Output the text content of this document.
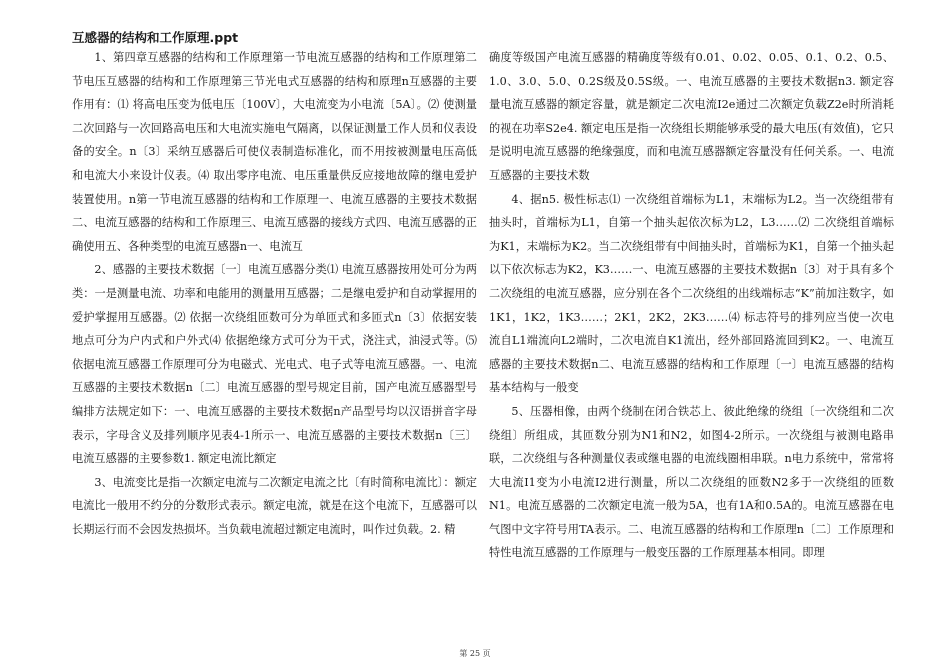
互感器的结构和工作原理.ppt

1、第四章互感器的结构和工作原理第一节电流互感器的结构和工作原理第二节电压互感器的结构和工作原理第三节光电式互感器的结构和原理n互感器的主要作用有：⑴ 将高电压变为低电压〔100V〕，大电流变为小电流〔5A〕。⑵ 使测量二次回路与一次回路高电压和大电流实施电气隔离，以保证测量工作人员和仪表设备的安全。n〔3〕采纳互感器后可使仪表制造标准化，而不用按被测量电压高低和电流大小来设计仪表。⑷ 取出零序电流、电压重量供反应接地故障的继电爱护装置使用。n第一节电流互感器的结构和工作原理一、电流互感器的主要技术数据二、电流互感器的结构和工作原理三、电流互感器的接线方式四、电流互感器的正确使用五、各种类型的电流互感器n一、电流互

2、感器的主要技术数据〔一〕电流互感器分类⑴ 电流互感器按用处可分为两类：一是测量电流、功率和电能用的测量用互感器；二是继电爱护和自动掌握用的爱护掌握用互感器。⑵ 依据一次绕组匝数可分为单匝式和多匝式n〔3〕依据安装地点可分为户内式和户外式⑷ 依据绝缘方式可分为干式，浇注式，油浸式等。⑸ 依据电流互感器工作原理可分为电磁式、光电式、电子式等电流互感器。一、电流互感器的主要技术数据n〔二〕电流互感器的型号规定目前，国产电流互感器型号编排方法规定如下：一、电流互感器的主要技术数据n产品型号均以汉语拼音字母表示，字母含义及排列顺序见表4-1所示一、电流互感器的主要技术数据n〔三〕电流互感器的主要参数1. 额定电流比额定

3、电流变比是指一次额定电流与二次额定电流之比〔有时简称电流比〕：额定电流比一般用不约分的分数形式表示。额定电流，就是在这个电流下，互感器可以长期运行而不会因发热损坏。当负载电流超过额定电流时，叫作过负载。2. 精

确度等级国产电流互感器的精确度等级有0.01、0.02、0.05、0.1、0.2、0.5、1.0、3.0、5.0、0.2S级及0.5S级。一、电流互感器的主要技术数据n3. 额定容量电流互感器的额定容量，就是额定二次电流I2e通过二次额定负载Z2e时所消耗的视在功率S2e4. 额定电压是指一次绕组长期能够承受的最大电压(有效值)，它只是说明电流互感器的绝缘强度，而和电流互感器额定容量没有任何关系。一、电流互感器的主要技术数

4、据n5. 极性标志⑴ 一次绕组首端标为L1，末端标为L2。当一次绕组带有抽头时，首端标为L1，自第一个抽头起依次标为L2，L3……⑵ 二次绕组首端标为K1，末端标为K2。当二次绕组带有中间抽头时，首端标为K1，自第一个抽头起以下依次标志为K2，K3……一、电流互感器的主要技术数据n〔3〕对于具有多个二次绕组的电流互感器，应分别在各个二次绕组的出线端标志“K”前加注数字，如1K1，1K2，1K3……；2K1，2K2，2K3……⑷ 标志符号的排列应当使一次电流自L1端流向L2端时，二次电流自K1流出，经外部回路流回到K2。一、电流互感器的主要技术数据n二、电流互感器的结构和工作原理〔一〕电流互感器的结构基本结构与一般变

5、压器相像，由两个绕制在闭合铁芯上、彼此绝缘的绕组〔一次绕组和二次绕组〕所组成，其匝数分别为N1和N2，如图4-2所示。一次绕组与被测电路串联，二次绕组与各种测量仪表或继电器的电流线圈相串联。n电力系统中，常常将大电流I1变为小电流I2进行测量，所以二次绕组的匝数N2多于一次绕组的匝数N1。电流互感器的二次额定电流一般为5A，也有1A和0.5A的。电流互感器在电气图中文字符号用TA表示。二、电流互感器的结构和工作原理n〔二〕工作原理和特性电流互感器的工作原理与一般变压器的工作原理基本相同。即理

第 25 页
